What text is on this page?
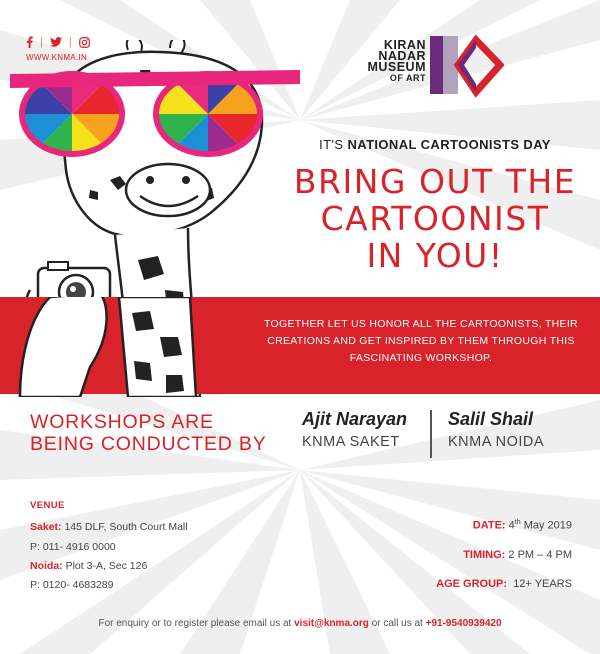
| |
WWW.KNMA.IN
KIRAN
NADAR
MUSEUM
OF ART
IT'S NATIONAL CARTOONISTS DAY
BRING OUT THE
CARTOONIST
IN YOU!
TOGETHER LET US HONOR ALL THE CARTOONISTS, THEIR
CREATIONS AND GET INSPIRED BY THEM THROUGH THIS
FASCINATING WORKSHOP.
WORKSHOPS ARE
BEING CONDUCTED BY
Ajit Narayan
KNMA SAKET
Salil Shail
KNMA NOIDA
VENUE
Saket: 145 DLF, South Court Mall
P: 011- 4916 0000
Noida: Plot 3-A, Sec 126
P: 0120- 4683289
DATE: 4th May 2019
TIMING: 2 PM – 4 PM
AGE GROUP: 12+ YEARS
For enquiry or to register please email us at visit@knma.org or call us at +91-9540939420
